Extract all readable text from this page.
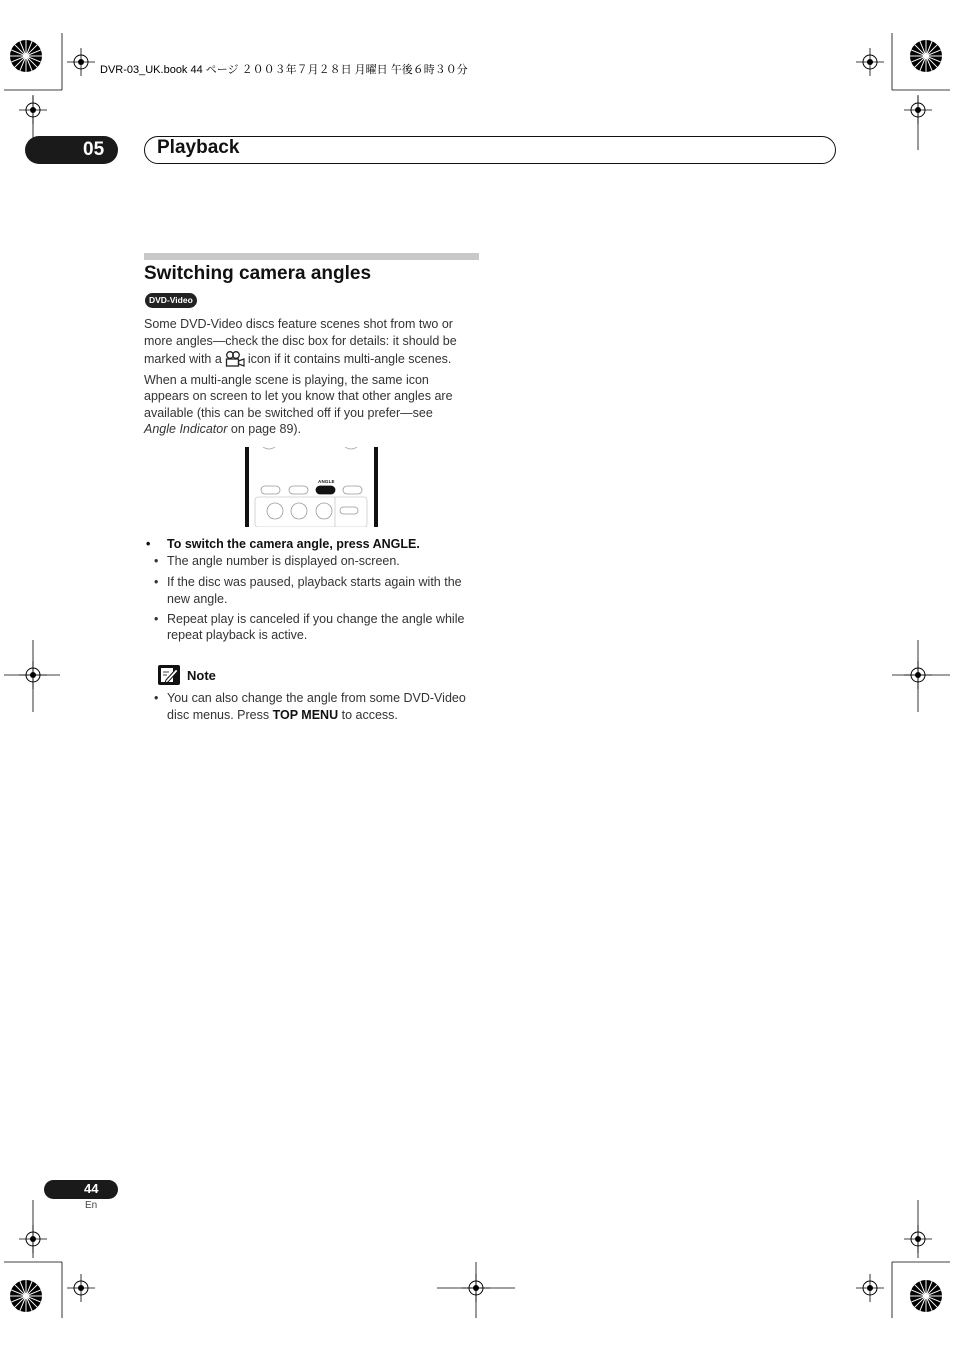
DVR-03_UK.book 44 ページ ２００３年７月２８日 月曜日 午後６時３０分
05	Playback
Switching camera angles
DVD-Video
Some DVD-Video discs feature scenes shot from two or
more angles—check the disc box for details: it should be
marked with a icon if it contains multi-angle scenes.
When a multi-angle scene is playing, the same icon
appears on screen to let you know that other angles are
available (this can be switched off if you prefer—see
Angle Indicator on page 89).
ANGLE
• To switch the camera angle, press ANGLE.
• The angle number is displayed on-screen.
• If the disc was paused, playback starts again with the new angle.
• Repeat play is canceled if you change the angle while repeat playback is active.
Note
• You can also change the angle from some DVD-Video disc menus. Press TOP MENU to access.
44
En
